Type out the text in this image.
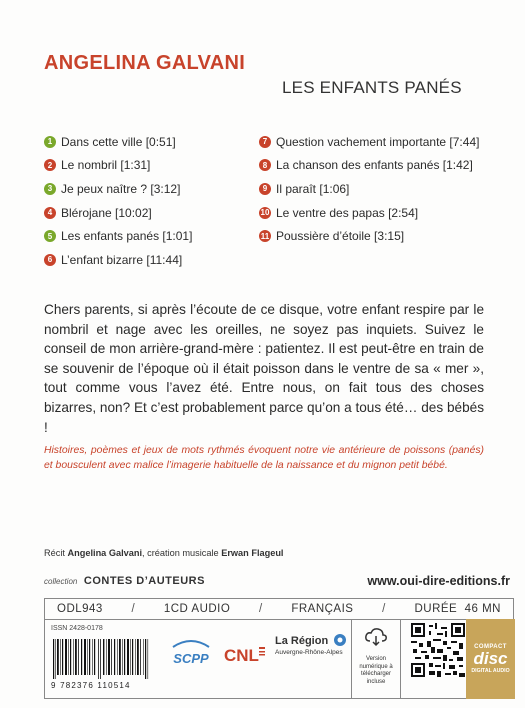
ANGELINA GALVANI
LES ENFANTS PANÉS
1 Dans cette ville [0:51]
2 Le nombril [1:31]
3 Je peux naître ? [3:12]
4 Blérojane [10:02]
5 Les enfants panés [1:01]
6 L’enfant bizarre [11:44]
7 Question vachement importante [7:44]
8 La chanson des enfants panés [1:42]
9 Il paraît [1:06]
10 Le ventre des papas [2:54]
11 Poussière d’étoile [3:15]

Chers parents, si après l’écoute de ce disque, votre enfant respire par le nombril et nage avec les oreilles, ne soyez pas inquiets. Suivez le conseil de mon arrière-grand-mère : patientez. Il est peut-être en train de se souvenir de l’époque où il était poisson dans le ventre de sa « mer », tout comme vous l’avez été. Entre nous, on fait tous des choses bizarres, non? Et c’est probablement parce qu’on a tous été… des bébés !

Histoires, poèmes et jeux de mots rythmés évoquent notre vie antérieure de poissons (panés) et bousculent avec malice l’imagerie habituelle de la naissance et du mignon petit bébé.

Récit Angelina Galvani, création musicale Erwan Flageul
collection CONTES D’AUTEURS	www.oui-dire-editions.fr
ODL943 / 1CD AUDIO / FRANÇAIS / DURÉE 46 MN
ISSN 2428-0178
9 782376 110514
SCPP CNL
La Région
Auvergne-Rhône-Alpes
Version numérique à télécharger incluse
COMPACT
disc
DIGITAL AUDIO
